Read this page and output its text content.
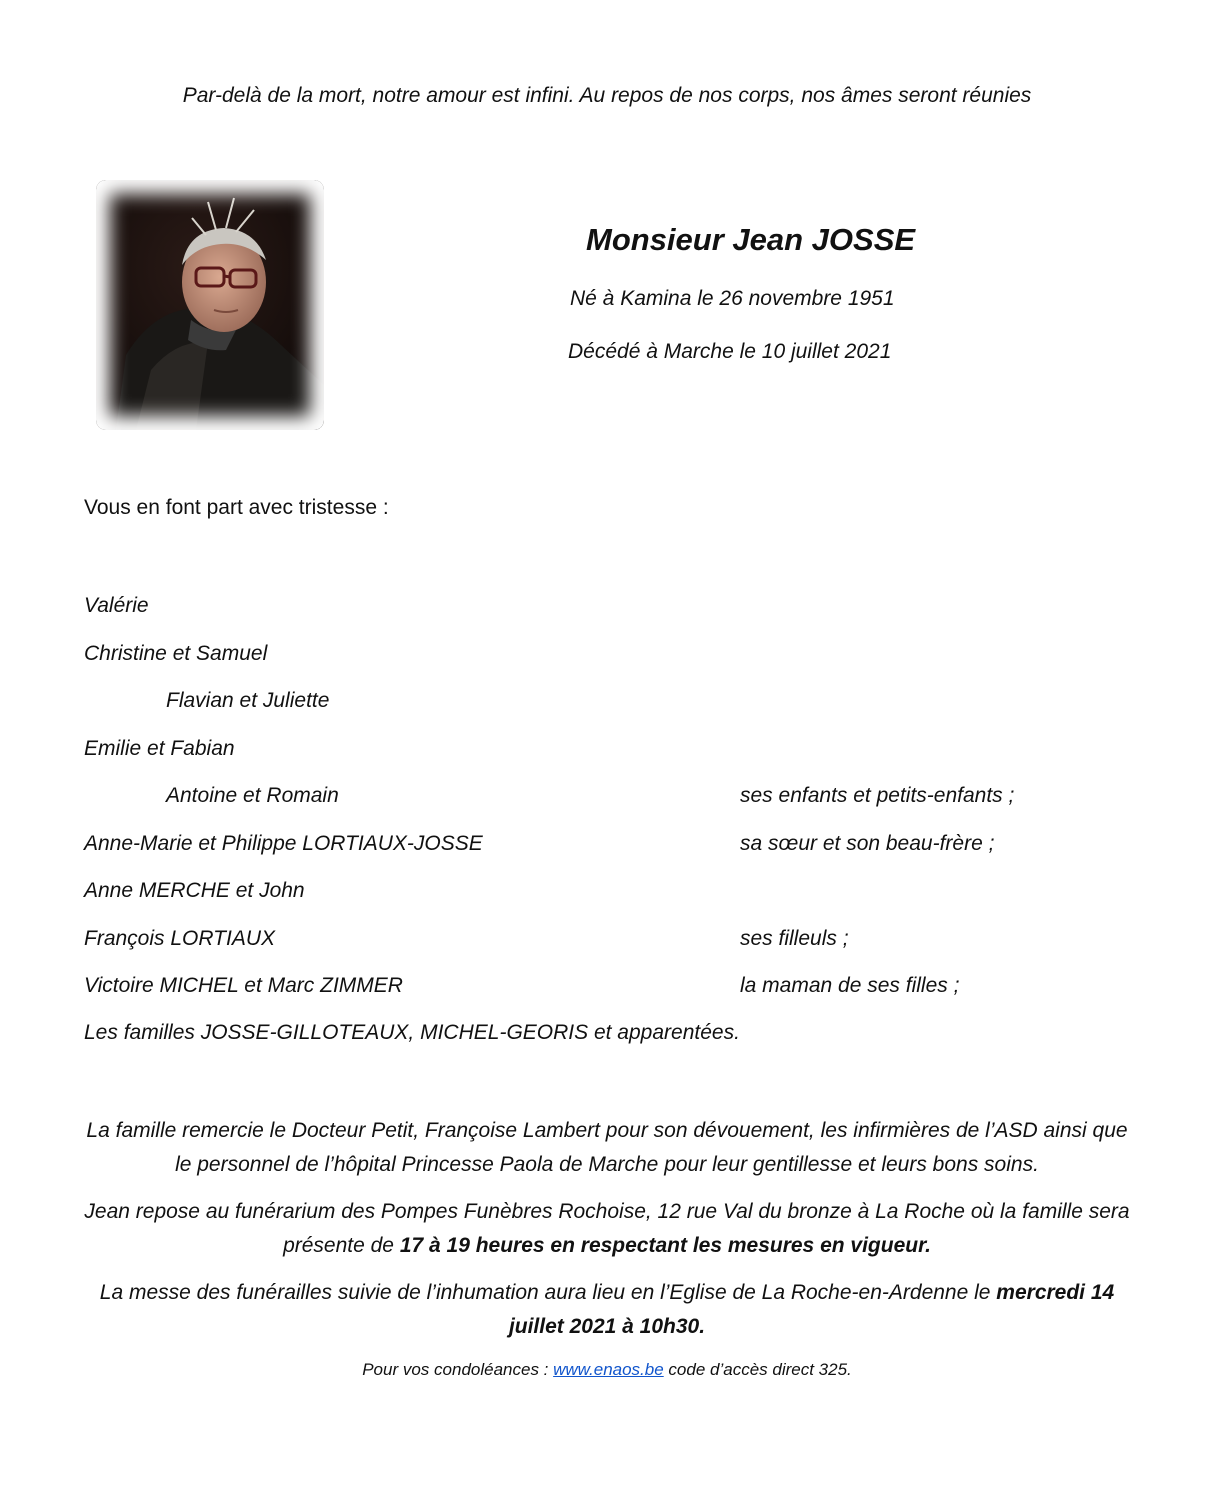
Par-delà de la mort, notre amour est infini. Au repos de nos corps, nos âmes seront réunies
Monsieur Jean JOSSE
Né à Kamina le 26 novembre 1951
Décédé à Marche le 10 juillet 2021
Vous en font part avec tristesse :
Valérie
Christine et Samuel
Flavian et Juliette
Emilie et Fabian
Antoine et Romain	ses enfants et petits-enfants ;
Anne-Marie et Philippe LORTIAUX-JOSSE	sa sœur et son beau-frère ;
Anne MERCHE et John
François LORTIAUX	ses filleuls ;
Victoire MICHEL et Marc ZIMMER	la maman de ses filles ;
Les familles JOSSE-GILLOTEAUX, MICHEL-GEORIS et apparentées.
La famille remercie le Docteur Petit, Françoise Lambert pour son dévouement, les infirmières de l’ASD ainsi que le personnel de l’hôpital Princesse Paola de Marche pour leur gentillesse et leurs bons soins.
Jean repose au funérarium des Pompes Funèbres Rochoise, 12 rue Val du bronze à La Roche où la famille sera présente de 17 à 19 heures en respectant les mesures en vigueur.
La messe des funérailles suivie de l’inhumation aura lieu en l’Eglise de La Roche-en-Ardenne le mercredi 14 juillet 2021 à 10h30.
Pour vos condoléances : www.enaos.be code d’accès direct 325.
